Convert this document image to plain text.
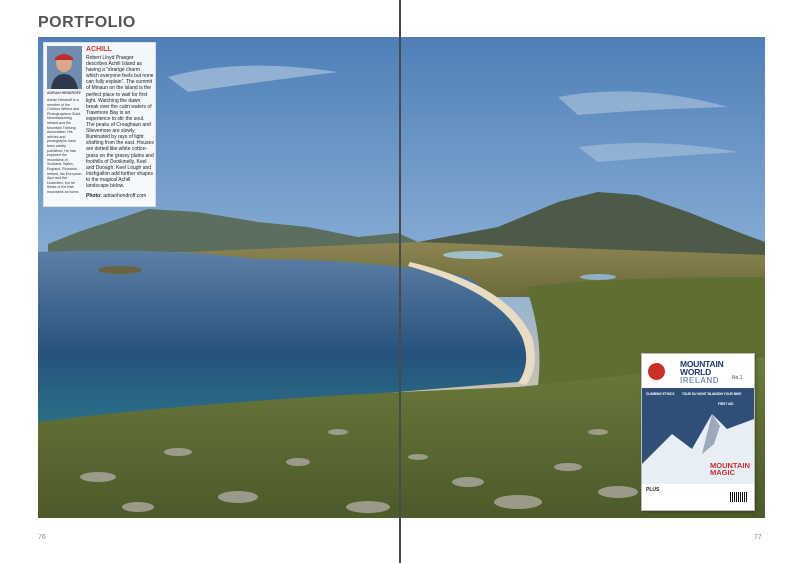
PORTFOLIO
ADRIAN HENDROFF
Adrian Hendroff is a member of the Outdoor Writers and Photographers Guild, Mountaineering Ireland and the Mountain Training Association. His articles and photographs have been widely published. He has explored the mountains of Scotland, Wales, England, Romania, Ireland, the European Alps and the Dolomites, but he thinks of the Irish mountains as home.
ACHILL
Robert Lloyd Praeger describes Achill Island as having a “strange charm which everyone feels but none can fully explain”. The summit of Minaun on the island is the perfect place to wait for first light. Watching the dawn break over the calm waters of Trawmore Bay is an experience to stir the soul. The peaks of Croaghaun and Slievemore are slowly illuminated by rays of light shafting from the east. Houses are dotted like white cotton-grass on the grassy plains and foothills of Dooikinelly, Keel and Dooagh. Keel Lough and Inishgallon add further shapes to the magical Achill landscape below.
Photo: adrianhendroff.com
76	77
MOUNTAIN
WORLD
IRELAND	No.1
CLIMBING ETHICS TOUR DU MONT BLANC ON YOUR BIKE
FIRST AID
MOUNTAIN
MAGIC
PLUS
